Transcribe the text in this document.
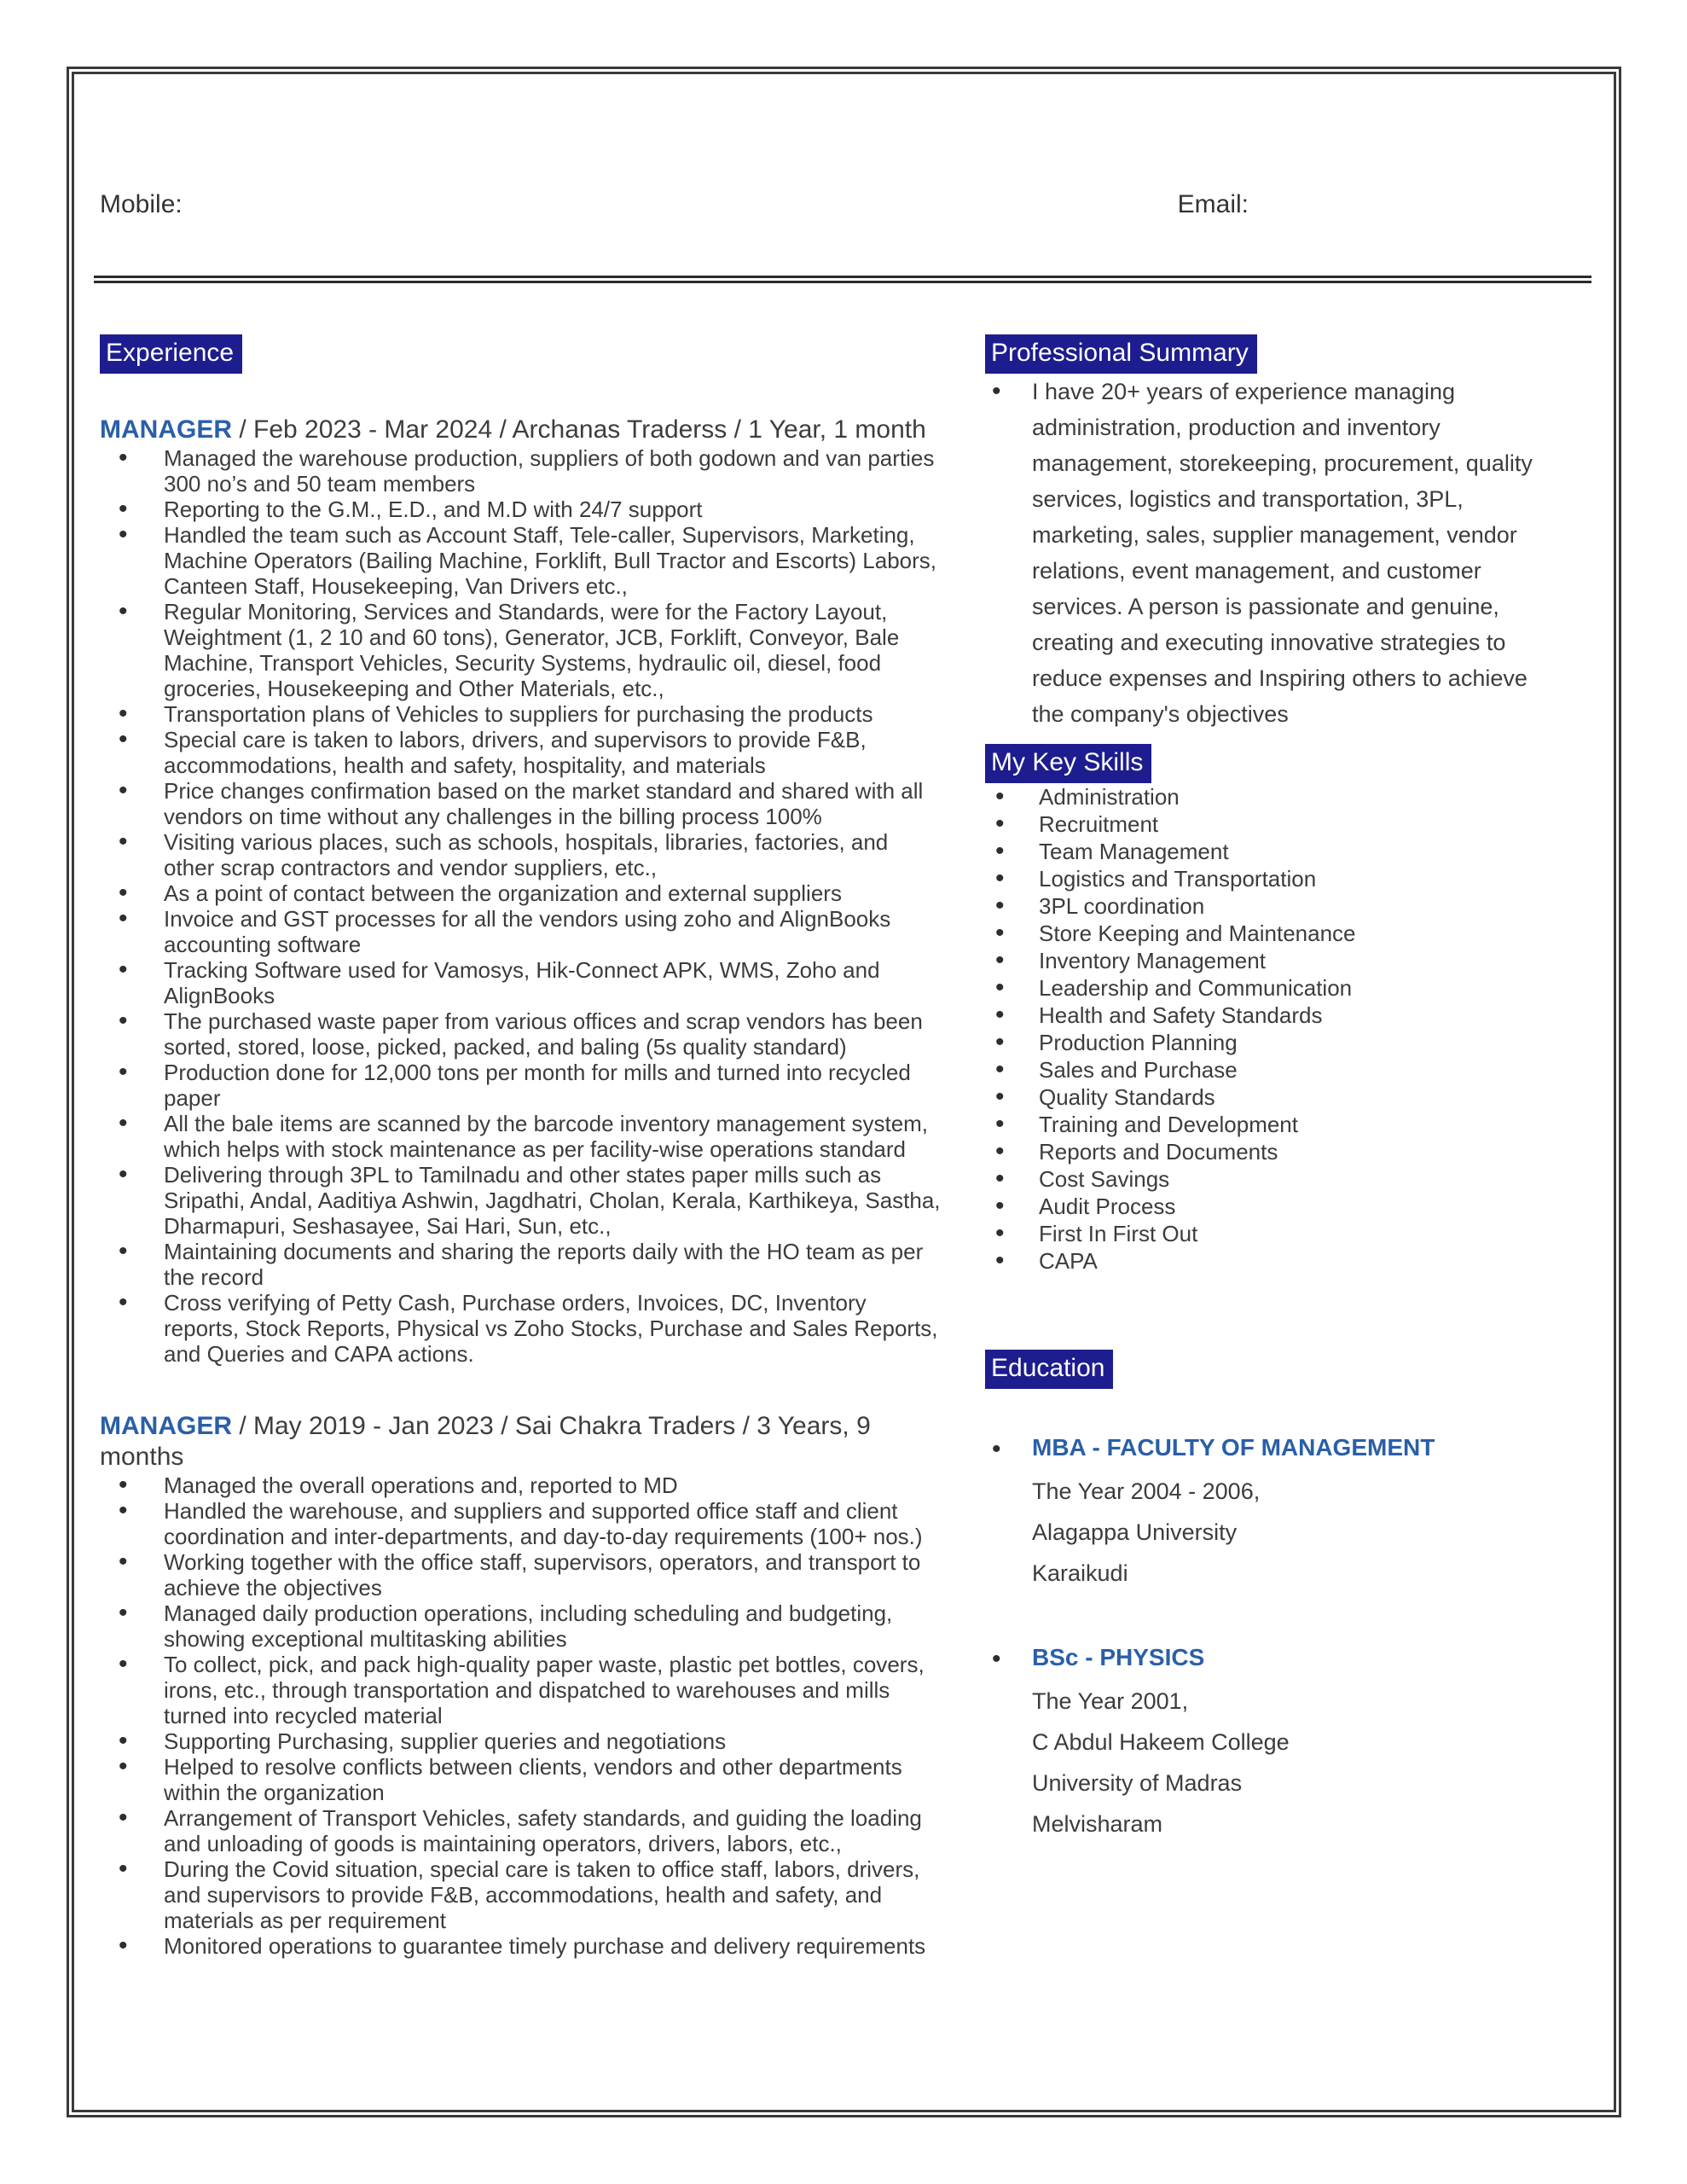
Mobile:	Email:
Experience
MANAGER / Feb 2023 - Mar 2024 / Archanas Traderss / 1 Year, 1 month
• Managed the warehouse production, suppliers of both godown and van parties 300 no’s and 50 team members
• Reporting to the G.M., E.D., and M.D with 24/7 support
• Handled the team such as Account Staff, Tele-caller, Supervisors, Marketing, Machine Operators (Bailing Machine, Forklift, Bull Tractor and Escorts) Labors, Canteen Staff, Housekeeping, Van Drivers etc.,
• Regular Monitoring, Services and Standards, were for the Factory Layout, Weightment (1, 2 10 and 60 tons), Generator, JCB, Forklift, Conveyor, Bale Machine, Transport Vehicles, Security Systems, hydraulic oil, diesel, food groceries, Housekeeping and Other Materials, etc.,
• Transportation plans of Vehicles to suppliers for purchasing the products
• Special care is taken to labors, drivers, and supervisors to provide F&B, accommodations, health and safety, hospitality, and materials
• Price changes confirmation based on the market standard and shared with all vendors on time without any challenges in the billing process 100%
• Visiting various places, such as schools, hospitals, libraries, factories, and other scrap contractors and vendor suppliers, etc.,
• As a point of contact between the organization and external suppliers
• Invoice and GST processes for all the vendors using zoho and AlignBooks accounting software
• Tracking Software used for Vamosys, Hik-Connect APK, WMS, Zoho and AlignBooks
• The purchased waste paper from various offices and scrap vendors has been sorted, stored, loose, picked, packed, and baling (5s quality standard)
• Production done for 12,000 tons per month for mills and turned into recycled paper
• All the bale items are scanned by the barcode inventory management system, which helps with stock maintenance as per facility-wise operations standard
• Delivering through 3PL to Tamilnadu and other states paper mills such as Sripathi, Andal, Aaditiya Ashwin, Jagdhatri, Cholan, Kerala, Karthikeya, Sastha, Dharmapuri, Seshasayee, Sai Hari, Sun, etc.,
• Maintaining documents and sharing the reports daily with the HO team as per the record
• Cross verifying of Petty Cash, Purchase orders, Invoices, DC, Inventory reports, Stock Reports, Physical vs Zoho Stocks, Purchase and Sales Reports, and Queries and CAPA actions.
MANAGER / May 2019 - Jan 2023 / Sai Chakra Traders / 3 Years, 9 months
• Managed the overall operations and, reported to MD
• Handled the warehouse, and suppliers and supported office staff and client coordination and inter-departments, and day-to-day requirements (100+ nos.)
• Working together with the office staff, supervisors, operators, and transport to achieve the objectives
• Managed daily production operations, including scheduling and budgeting, showing exceptional multitasking abilities
• To collect, pick, and pack high-quality paper waste, plastic pet bottles, covers, irons, etc., through transportation and dispatched to warehouses and mills turned into recycled material
• Supporting Purchasing, supplier queries and negotiations
• Helped to resolve conflicts between clients, vendors and other departments within the organization
• Arrangement of Transport Vehicles, safety standards, and guiding the loading and unloading of goods is maintaining operators, drivers, labors, etc.,
• During the Covid situation, special care is taken to office staff, labors, drivers, and supervisors to provide F&B, accommodations, health and safety, and materials as per requirement
• Monitored operations to guarantee timely purchase and delivery requirements
Professional Summary
• I have 20+ years of experience managing administration, production and inventory management, storekeeping, procurement, quality services, logistics and transportation, 3PL, marketing, sales, supplier management, vendor relations, event management, and customer services. A person is passionate and genuine, creating and executing innovative strategies to reduce expenses and Inspiring others to achieve the company's objectives
My Key Skills
• Administration
• Recruitment
• Team Management
• Logistics and Transportation
• 3PL coordination
• Store Keeping and Maintenance
• Inventory Management
• Leadership and Communication
• Health and Safety Standards
• Production Planning
• Sales and Purchase
• Quality Standards
• Training and Development
• Reports and Documents
• Cost Savings
• Audit Process
• First In First Out
• CAPA
Education
• MBA - FACULTY OF MANAGEMENT
The Year 2004 - 2006,
Alagappa University
Karaikudi
• BSc - PHYSICS
The Year 2001,
C Abdul Hakeem College
University of Madras
Melvisharam
